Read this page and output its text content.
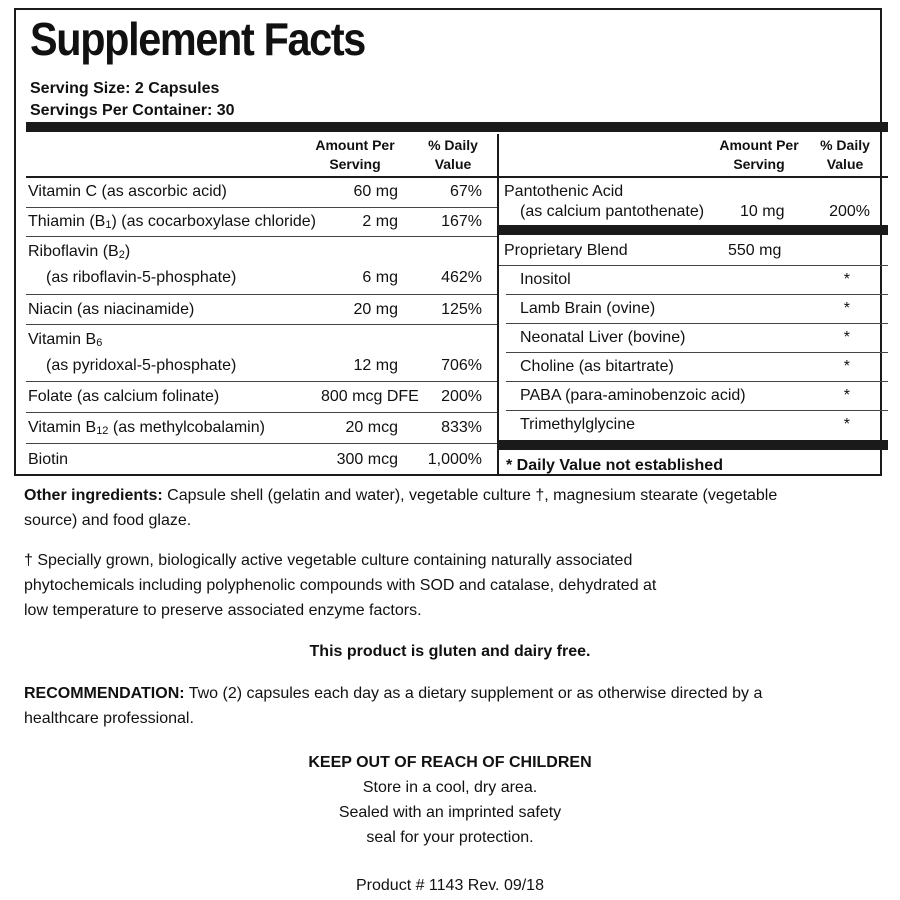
Supplement Facts
Serving Size: 2 Capsules
Servings Per Container: 30
Amount Per
Serving
% Daily
Value
Amount Per
Serving
% Daily
Value
Vitamin C (as ascorbic acid)	60 mg	67%
Thiamin (B1) (as cocarboxylase chloride)	2 mg	167%
Riboflavin (B2)
(as riboflavin-5-phosphate)	6 mg	462%
Niacin (as niacinamide)	20 mg	125%
Vitamin B6
(as pyridoxal-5-phosphate)	12 mg	706%
Folate (as calcium folinate)	800 mcg DFE	200%
Vitamin B12 (as methylcobalamin)	20 mcg	833%
Biotin	300 mcg	1,000%
Pantothenic Acid
(as calcium pantothenate) 10 mg	200%
Proprietary Blend	550 mg
Inositol	*
Lamb Brain (ovine)	*
Neonatal Liver (bovine)	*
Choline (as bitartrate)	*
PABA (para-aminobenzoic acid)	*
Trimethylglycine	*
* Daily Value not established
Other ingredients: Capsule shell (gelatin and water), vegetable culture †, magnesium stearate (vegetable
source) and food glaze.
† Specially grown, biologically active vegetable culture containing naturally associated
phytochemicals including polyphenolic compounds with SOD and catalase, dehydrated at
low temperature to preserve associated enzyme factors.
This product is gluten and dairy free.
RECOMMENDATION: Two (2) capsules each day as a dietary supplement or as otherwise directed by a
healthcare professional.
KEEP OUT OF REACH OF CHILDREN
Store in a cool, dry area.
Sealed with an imprinted safety
seal for your protection.
Product # 1143 Rev. 09/18
